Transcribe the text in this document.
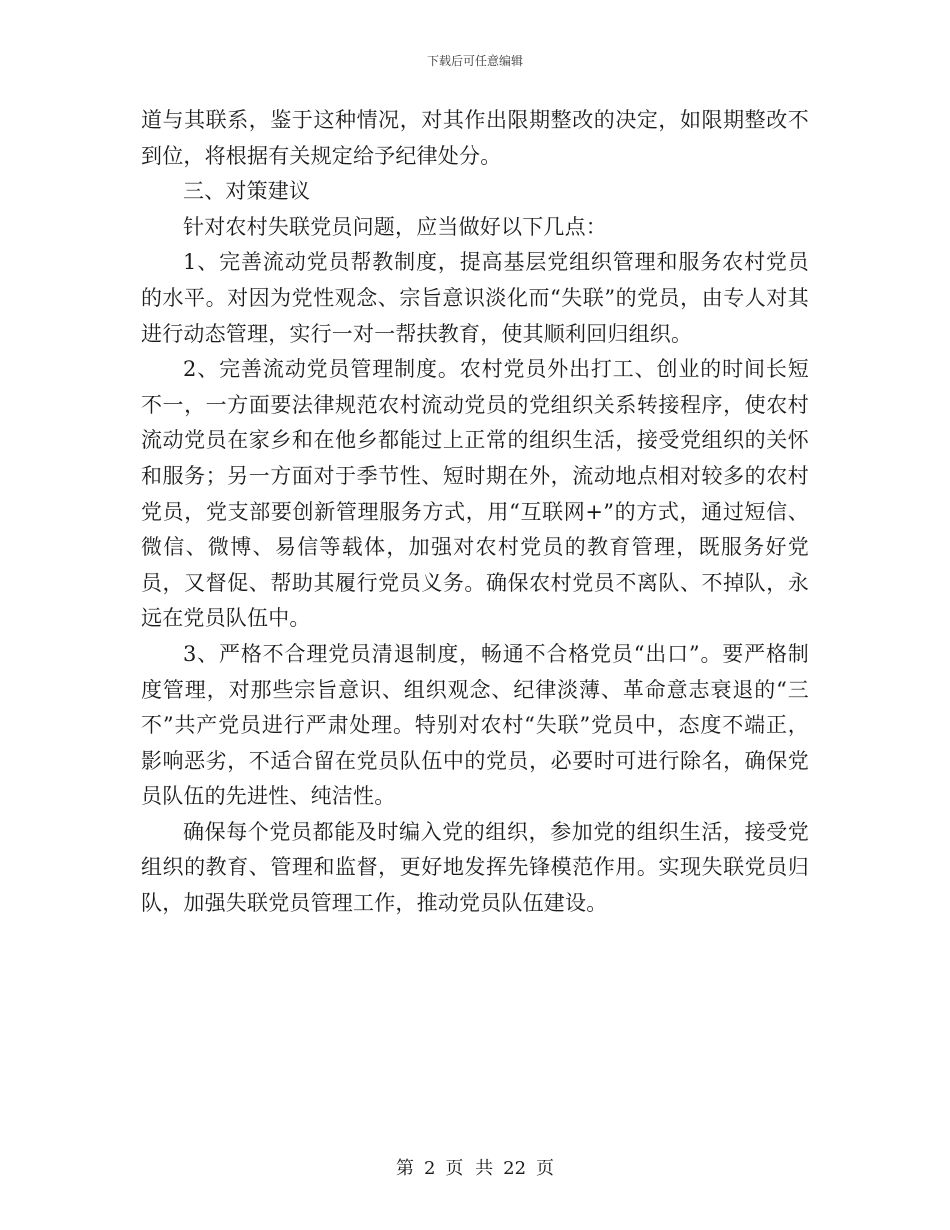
下载后可任意编辑

道与其联系，鉴于这种情况，对其作出限期整改的决定，如限期整改不到位，将根据有关规定给予纪律处分。

三、对策建议

针对农村失联党员问题，应当做好以下几点：

1、完善流动党员帮教制度，提高基层党组织管理和服务农村党员的水平。对因为党性观念、宗旨意识淡化而“失联”的党员，由专人对其进行动态管理，实行一对一帮扶教育，使其顺利回归组织。

2、完善流动党员管理制度。农村党员外出打工、创业的时间长短不一，一方面要法律规范农村流动党员的党组织关系转接程序，使农村流动党员在家乡和在他乡都能过上正常的组织生活，接受党组织的关怀和服务；另一方面对于季节性、短时期在外，流动地点相对较多的农村党员，党支部要创新管理服务方式，用“互联网+”的方式，通过短信、微信、微博、易信等载体，加强对农村党员的教育管理，既服务好党员，又督促、帮助其履行党员义务。确保农村党员不离队、不掉队，永远在党员队伍中。

3、严格不合理党员清退制度，畅通不合格党员“出口”。要严格制度管理，对那些宗旨意识、组织观念、纪律淡薄、革命意志衰退的“三不”共产党员进行严肃处理。特别对农村“失联”党员中，态度不端正，影响恶劣，不适合留在党员队伍中的党员，必要时可进行除名，确保党员队伍的先进性、纯洁性。

确保每个党员都能及时编入党的组织，参加党的组织生活，接受党组织的教育、管理和监督，更好地发挥先锋模范作用。实现失联党员归队，加强失联党员管理工作，推动党员队伍建设。

第 2 页 共 22 页
